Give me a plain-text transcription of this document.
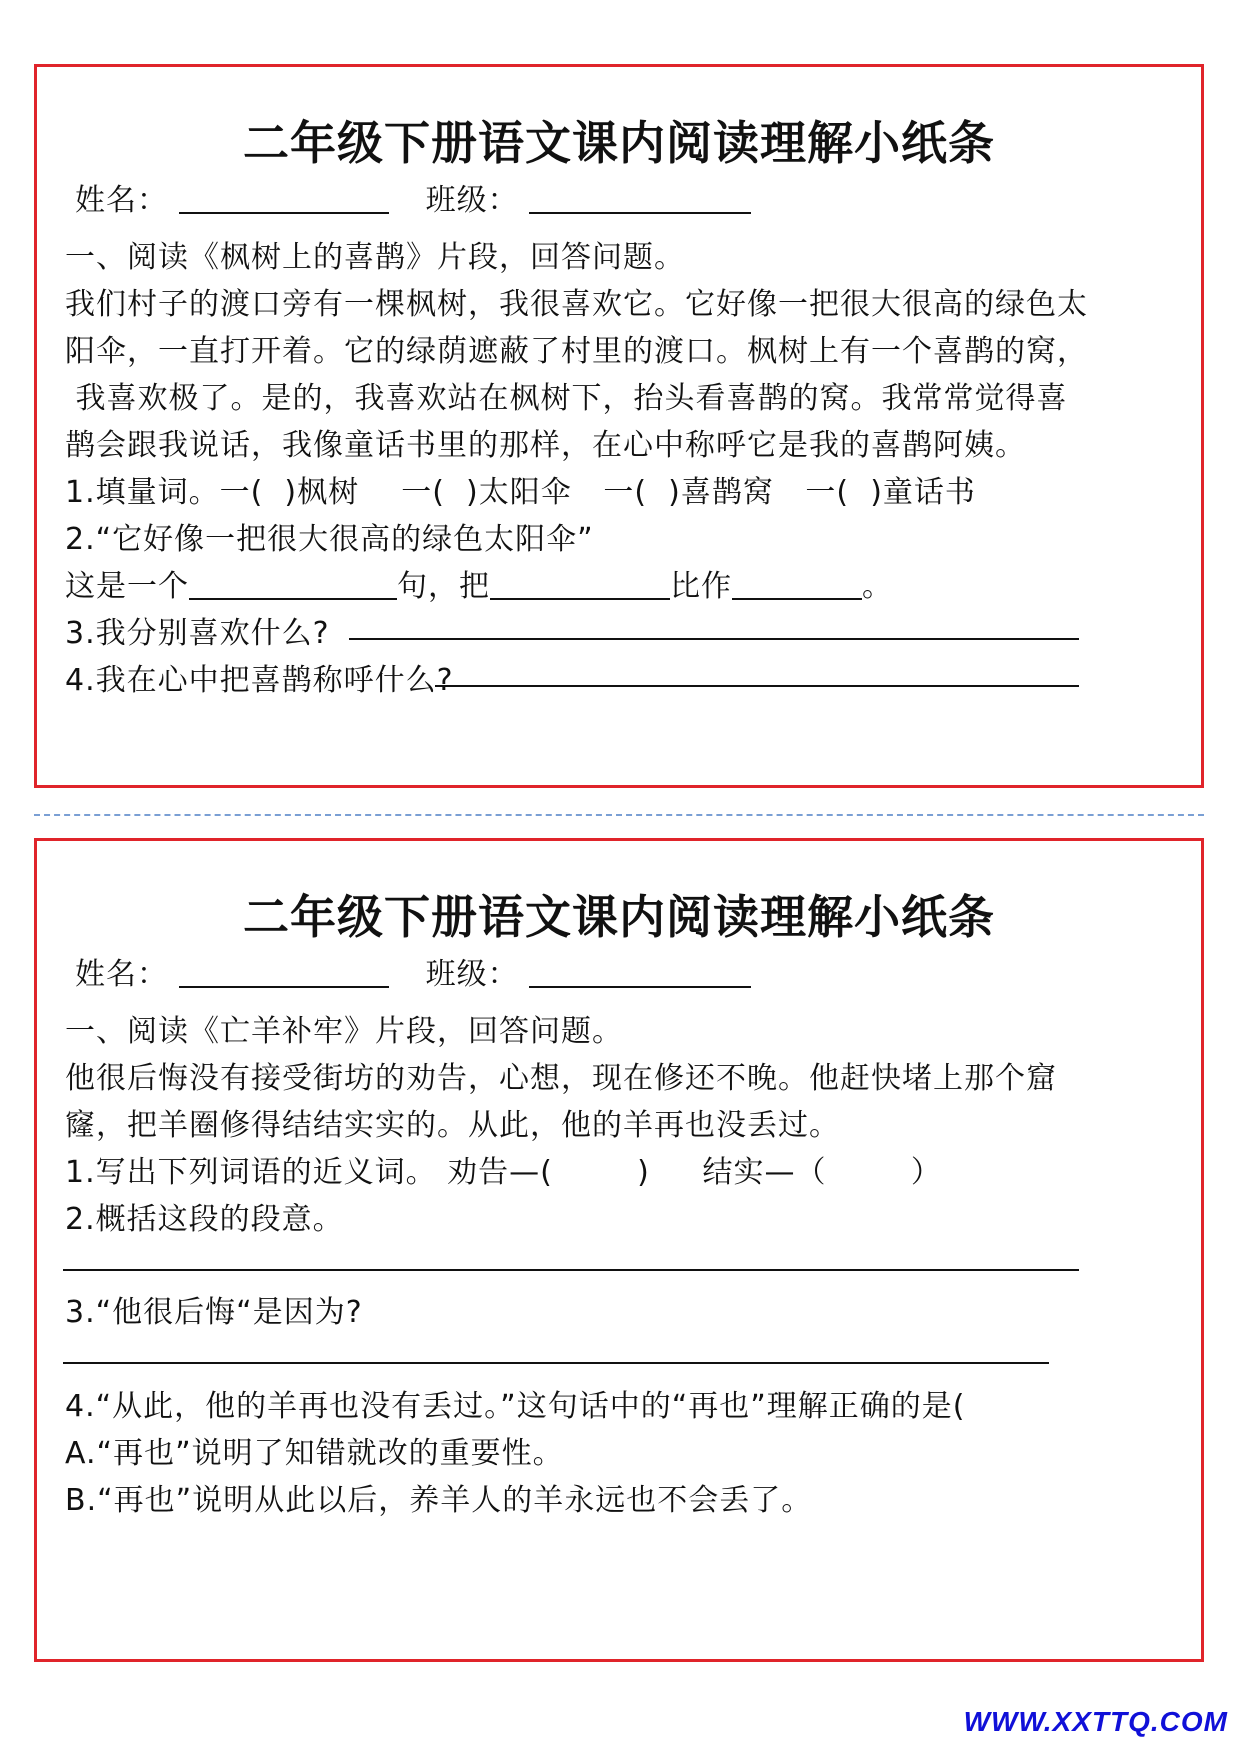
二年级下册语文课内阅读理解小纸条
姓名：	班级：
一、阅读《枫树上的喜鹊》片段，回答问题。
我们村子的渡口旁有一棵枫树，我很喜欢它。它好像一把很大很高的绿色太
阳伞，一直打开着。它的绿荫遮蔽了村里的渡口。枫树上有一个喜鹊的窝，
我喜欢极了。是的，我喜欢站在枫树下，抬头看喜鹊的窝。我常常觉得喜
鹊会跟我说话，我像童话书里的那样，在心中称呼它是我的喜鹊阿姨。
1.填量词。一(  )枫树    一(  )太阳伞   一(  )喜鹊窝   一(  )童话书
2.“它好像一把很大很高的绿色太阳伞”
这是一个	句，把	比作	。
3.我分别喜欢什么?
4.我在心中把喜鹊称呼什么?
二年级下册语文课内阅读理解小纸条
姓名：	班级：
一、阅读《亡羊补牢》片段，回答问题。
他很后悔没有接受街坊的劝告，心想，现在修还不晚。他赶快堵上那个窟
窿，把羊圈修得结结实实的。从此，他的羊再也没丢过。
1.写出下列词语的近义词。 劝告—(        )     结实—（        ）
2.概括这段的段意。
3.“他很后悔“是因为?
4.“从此，他的羊再也没有丢过。”这句话中的“再也”理解正确的是(
A.“再也”说明了知错就改的重要性。
B.“再也”说明从此以后，养羊人的羊永远也不会丢了。
WWW.XXTTQ.COM
